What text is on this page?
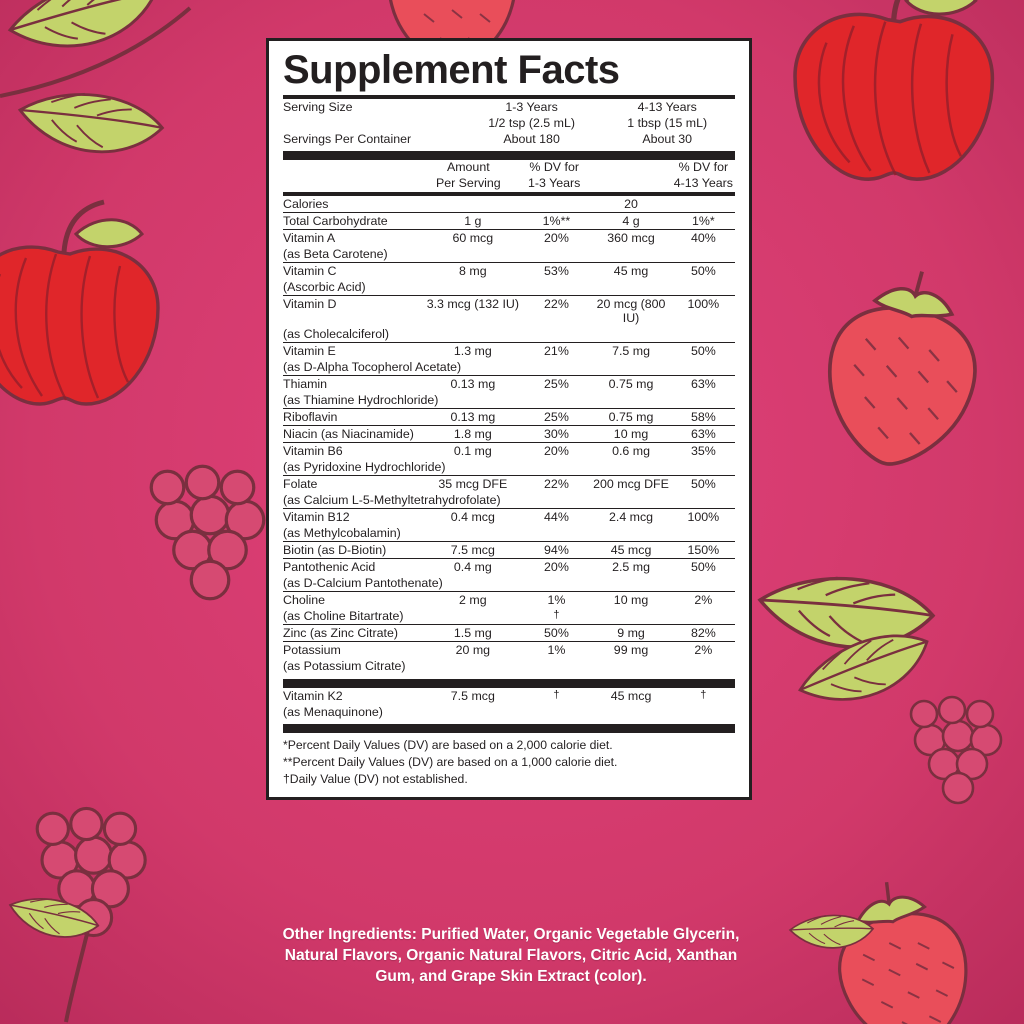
Supplement Facts
Serving Size	1-3 Years	4-13 Years
	1/2 tsp (2.5 mL)	1 tbsp (15 mL)
Servings Per Container	About 180	About 30
	Amount	% DV for		% DV for
	Per Serving	1-3 Years		4-13 Years
Calories			20	
Total Carbohydrate	1 g	1%**	4 g	1%*
Vitamin A	60 mcg	20%	360 mcg	40%
(as Beta Carotene)				
Vitamin C	8 mg	53%	45 mg	50%
(Ascorbic Acid)				
Vitamin D	3.3 mcg (132 IU)	22%	20 mcg (800 IU)	100%
(as Cholecalciferol)				
Vitamin E	1.3 mg	21%	7.5 mg	50%
(as D-Alpha Tocopherol Acetate)				
Thiamin	0.13 mg	25%	0.75 mg	63%
(as Thiamine Hydrochloride)				
Riboflavin	0.13 mg	25%	0.75 mg	58%
Niacin (as Niacinamide)	1.8 mg	30%	10 mg	63%
Vitamin B6	0.1 mg	20%	0.6 mg	35%
(as Pyridoxine Hydrochloride)				
Folate	35 mcg DFE	22%	200 mcg DFE	50%
(as Calcium L-5-Methyltetrahydrofolate)				
Vitamin B12	0.4 mcg	44%	2.4 mcg	100%
(as Methylcobalamin)				
Biotin (as D-Biotin)	7.5 mcg	94%	45 mcg	150%
Pantothenic Acid	0.4 mg	20%	2.5 mg	50%
(as D-Calcium Pantothenate)				
Choline	2 mg	1%	10 mg	2%
(as Choline Bitartrate)		†		
Zinc (as Zinc Citrate)	1.5 mg	50%	9 mg	82%
Potassium	20 mg	1%	99 mg	2%
(as Potassium Citrate)				
Vitamin K2	7.5 mcg	†	45 mcg	†
(as Menaquinone)				
*Percent Daily Values (DV) are based on a 2,000 calorie diet.
**Percent Daily Values (DV) are based on a 1,000 calorie diet.
†Daily Value (DV) not established.
Other Ingredients: Purified Water, Organic Vegetable Glycerin, Natural Flavors, Organic Natural Flavors, Citric Acid, Xanthan Gum, and Grape Skin Extract (color).
